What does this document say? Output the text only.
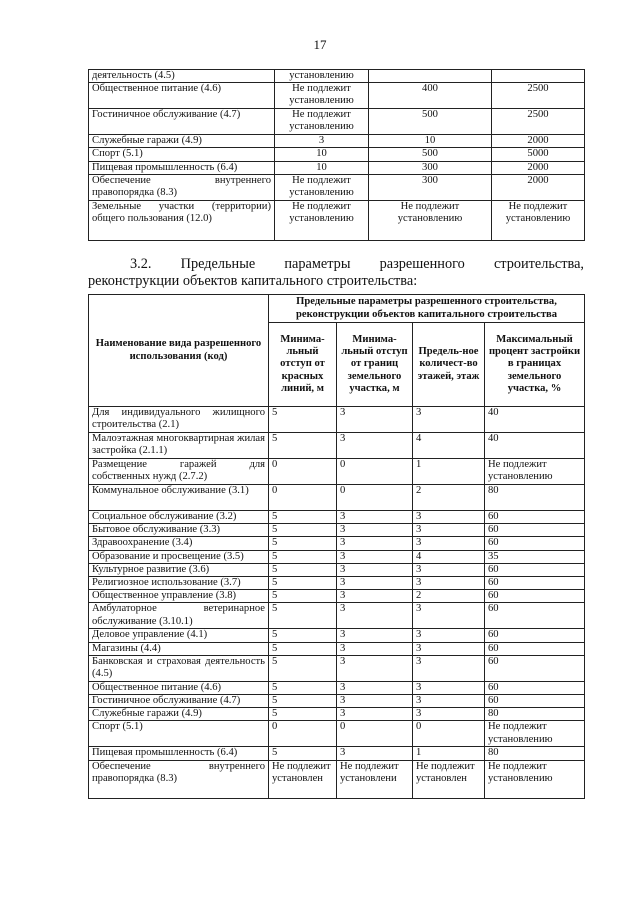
17
деятельность (4.5)	установлению		
Общественное питание (4.6)	Не подлежит установлению	400	2500
Гостиничное обслуживание (4.7)	Не подлежит установлению	500	2500
Служебные гаражи (4.9)	3	10	2000
Спорт (5.1)	10	500	5000
Пищевая промышленность (6.4)	10	300	2000
Обеспечение внутреннего правопорядка (8.3)	Не подлежит установлению	300	2000
Земельные участки (территории) общего пользования (12.0)	Не подлежит установлению	Не подлежит установлению	Не подлежит установлению
3.2. Предельные параметры разрешенного строительства,
реконструкции объектов капитального строительства:
Наименование вида разрешенного использования (код)	Предельные параметры разрешенного строительства, реконструкции объектов капитального строительства			
	Минима-льный отступ от красных линий, м	Минима-льный отступ от границ земельного участка, м	Предель-ное количест-во этажей, этаж	Максимальный процент застройки в границах земельного участка, %
Для индивидуального жилищного строительства (2.1)	5	3	3	40
Малоэтажная многоквартирная жилая застройка (2.1.1)	5	3	4	40
Размещение гаражей для собственных нужд (2.7.2)	0	0	1	Не подлежит установлению
Коммунальное обслуживание (3.1)	0	0	2	80
Социальное обслуживание (3.2)	5	3	3	60
Бытовое обслуживание (3.3)	5	3	3	60
Здравоохранение (3.4)	5	3	3	60
Образование и просвещение (3.5)	5	3	4	35
Культурное развитие (3.6)	5	3	3	60
Религиозное использование (3.7)	5	3	3	60
Общественное управление (3.8)	5	3	2	60
Амбулаторное ветеринарное обслуживание (3.10.1)	5	3	3	60
Деловое управление (4.1)	5	3	3	60
Магазины (4.4)	5	3	3	60
Банковская и страховая деятельность (4.5)	5	3	3	60
Общественное питание (4.6)	5	3	3	60
Гостиничное обслуживание (4.7)	5	3	3	60
Служебные гаражи (4.9)	5	3	3	80
Спорт (5.1)	0	0	0	Не подлежит установлению
Пищевая промышленность (6.4)	5	3	1	80
Обеспечение внутреннего правопорядка (8.3)	Не подлежит установлен	Не подлежит установлени	Не подлежит установлен	Не подлежит установлению
